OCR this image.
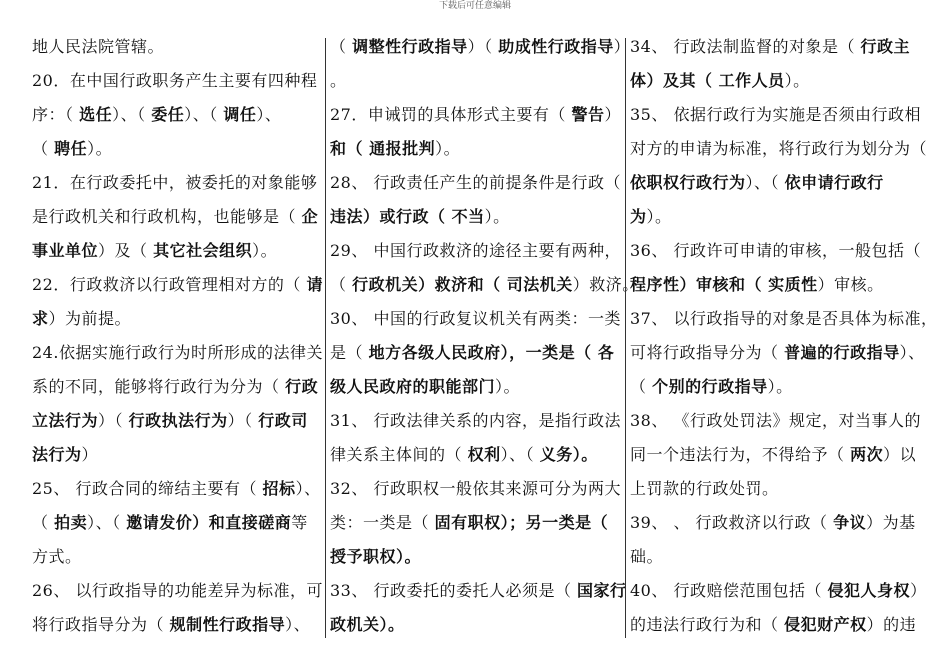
下载后可任意编辑
地人民法院管辖。
20．在中国行政职务产生主要有四种程
序：（ 选任）、（ 委任）、（ 调任）、
（ 聘任）。
21．在行政委托中，被委托的对象能够
是行政机关和行政机构，也能够是（ 企
事业单位）及（ 其它社会组织）。
22．行政救济以行政管理相对方的（ 请
求）为前提。
24.依据实施行政行为时所形成的法律关
系的不同，能够将行政行为分为（ 行政
立法行为）（ 行政执法行为）（ 行政司
法行为）
25、 行政合同的缔结主要有（ 招标）、
（ 拍卖）、（ 邀请发价）和直接磋商等
方式。
26、 以行政指导的功能差异为标准，可
将行政指导分为（ 规制性行政指导）、
（ 调整性行政指导）（ 助成性行政指导）
。
27．申诫罚的具体形式主要有（ 警告）
和（ 通报批判）。
28、 行政责任产生的前提条件是行政（
违法）或行政（ 不当）。
29、 中国行政救济的途径主要有两种，
（ 行政机关）救济和（ 司法机关）救济。
30、 中国的行政复议机关有两类：一类
是（ 地方各级人民政府），一类是（ 各
级人民政府的职能部门）。
31、 行政法律关系的内容，是指行政法
律关系主体间的（ 权利）、（ 义务）。
32、 行政职权一般依其来源可分为两大
类：一类是（ 固有职权）；另一类是（
授予职权）。
33、 行政委托的委托人必须是（ 国家行
政机关）。
34、 行政法制监督的对象是（ 行政主
体）及其（ 工作人员）。
35、 依据行政行为实施是否须由行政相
对方的申请为标准，将行政行为划分为（
依职权行政行为）、（ 依申请行政行
为）。
36、 行政许可申请的审核，一般包括（
程序性）审核和（ 实质性）审核。
37、 以行政指导的对象是否具体为标准，
可将行政指导分为（ 普遍的行政指导）、
（ 个别的行政指导）。
38、 《行政处罚法》规定，对当事人的
同一个违法行为，不得给予（ 两次）以
上罚款的行政处罚。
39、 、 行政救济以行政（ 争议）为基
础。
40、 行政赔偿范围包括（ 侵犯人身权）
的违法行政行为和（ 侵犯财产权）的违
